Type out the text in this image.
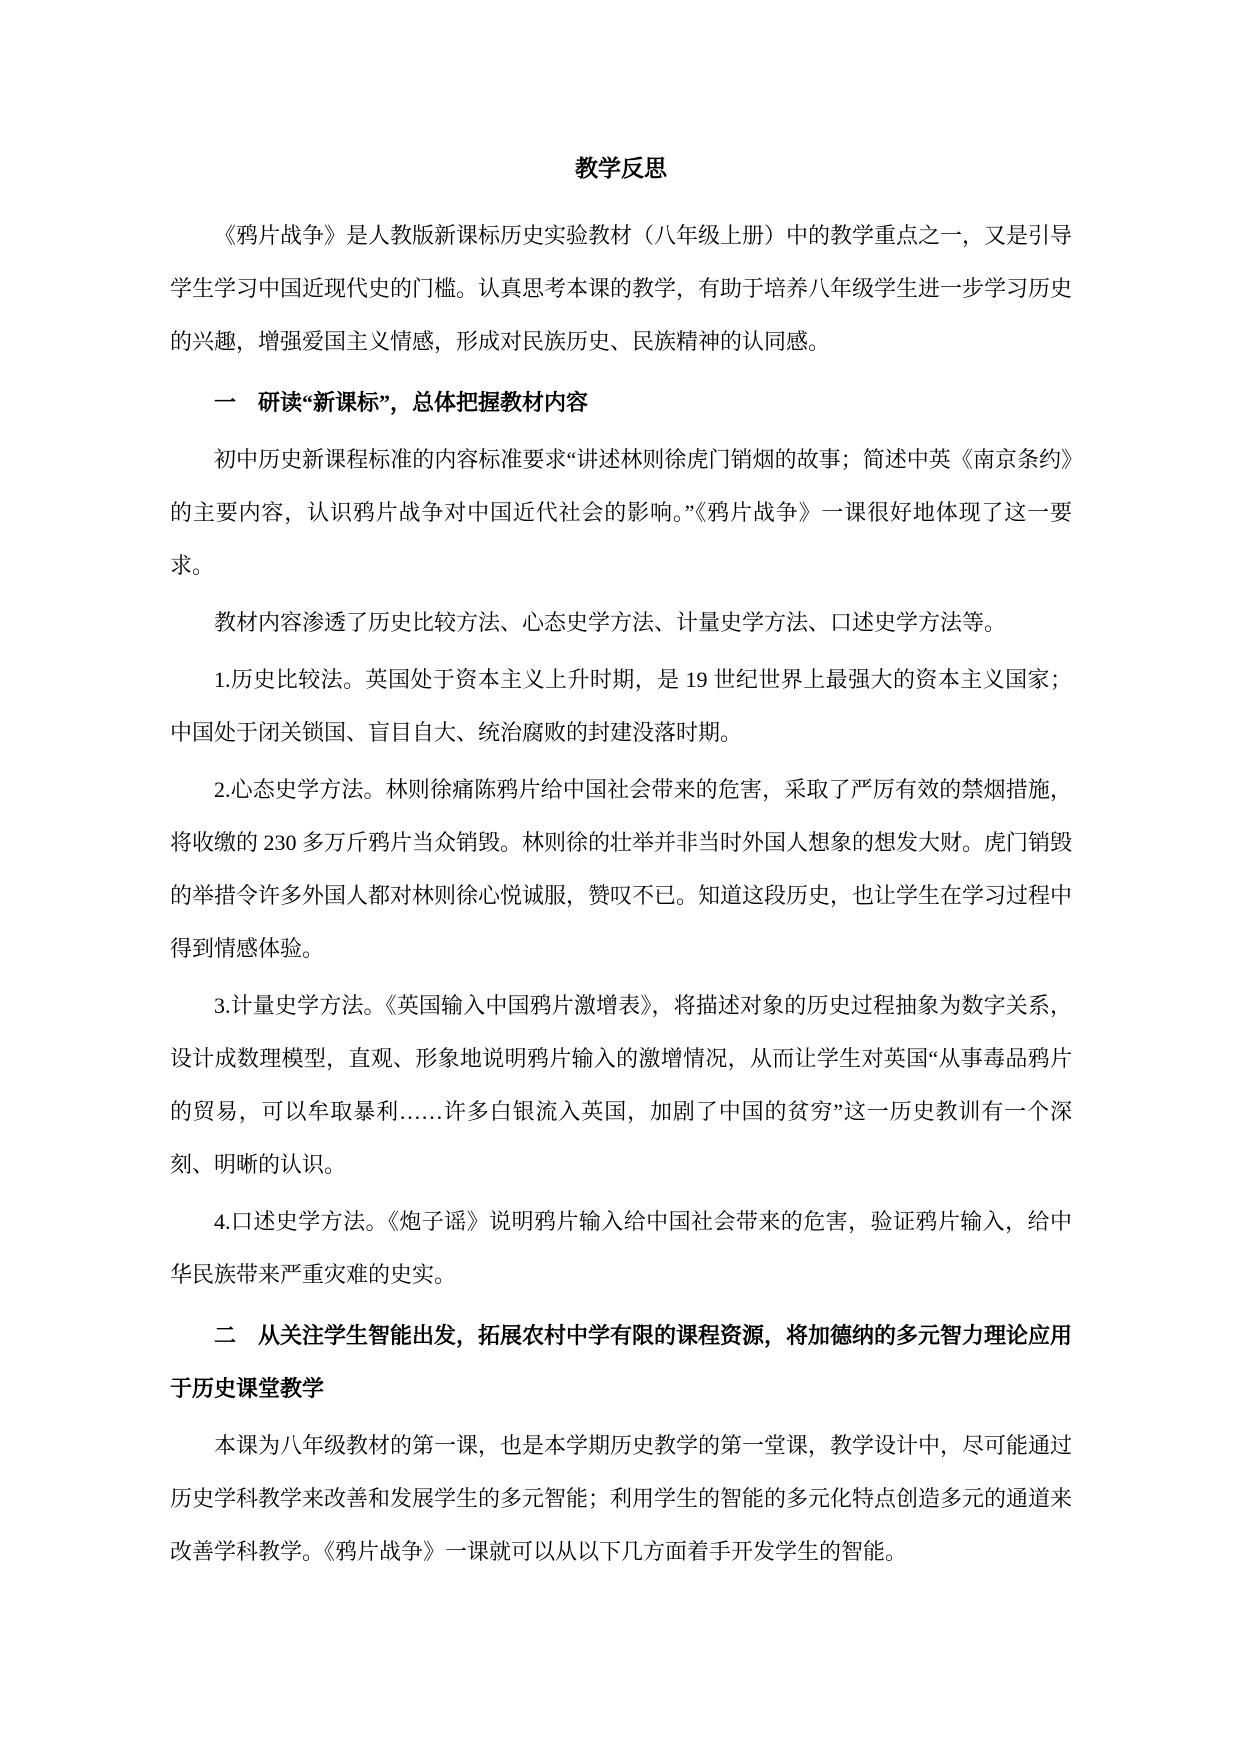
教学反思
《鸦片战争》是人教版新课标历史实验教材（八年级上册）中的教学重点之一，又是引导学生学习中国近现代史的门槛。认真思考本课的教学，有助于培养八年级学生进一步学习历史的兴趣，增强爱国主义情感，形成对民族历史、民族精神的认同感。
一　研读“新课标”，总体把握教材内容
初中历史新课程标准的内容标准要求“讲述林则徐虎门销烟的故事；简述中英《南京条约》的主要内容，认识鸦片战争对中国近代社会的影响。”《鸦片战争》一课很好地体现了这一要求。
教材内容渗透了历史比较方法、心态史学方法、计量史学方法、口述史学方法等。
1.历史比较法。英国处于资本主义上升时期，是 19 世纪世界上最强大的资本主义国家；中国处于闭关锁国、盲目自大、统治腐败的封建没落时期。
2.心态史学方法。林则徐痛陈鸦片给中国社会带来的危害，采取了严厉有效的禁烟措施，将收缴的 230 多万斤鸦片当众销毁。林则徐的壮举并非当时外国人想象的想发大财。虎门销毁的举措令许多外国人都对林则徐心悦诚服，赞叹不已。知道这段历史，也让学生在学习过程中得到情感体验。
3.计量史学方法。《英国输入中国鸦片激增表》，将描述对象的历史过程抽象为数字关系，设计成数理模型，直观、形象地说明鸦片输入的激增情况，从而让学生对英国“从事毒品鸦片的贸易，可以牟取暴利……许多白银流入英国，加剧了中国的贫穷”这一历史教训有一个深刻、明晰的认识。
4.口述史学方法。《炮子谣》说明鸦片输入给中国社会带来的危害，验证鸦片输入，给中华民族带来严重灾难的史实。
二　从关注学生智能出发，拓展农村中学有限的课程资源，将加德纳的多元智力理论应用于历史课堂教学
本课为八年级教材的第一课，也是本学期历史教学的第一堂课，教学设计中，尽可能通过历史学科教学来改善和发展学生的多元智能；利用学生的智能的多元化特点创造多元的通道来改善学科教学。《鸦片战争》一课就可以从以下几方面着手开发学生的智能。
